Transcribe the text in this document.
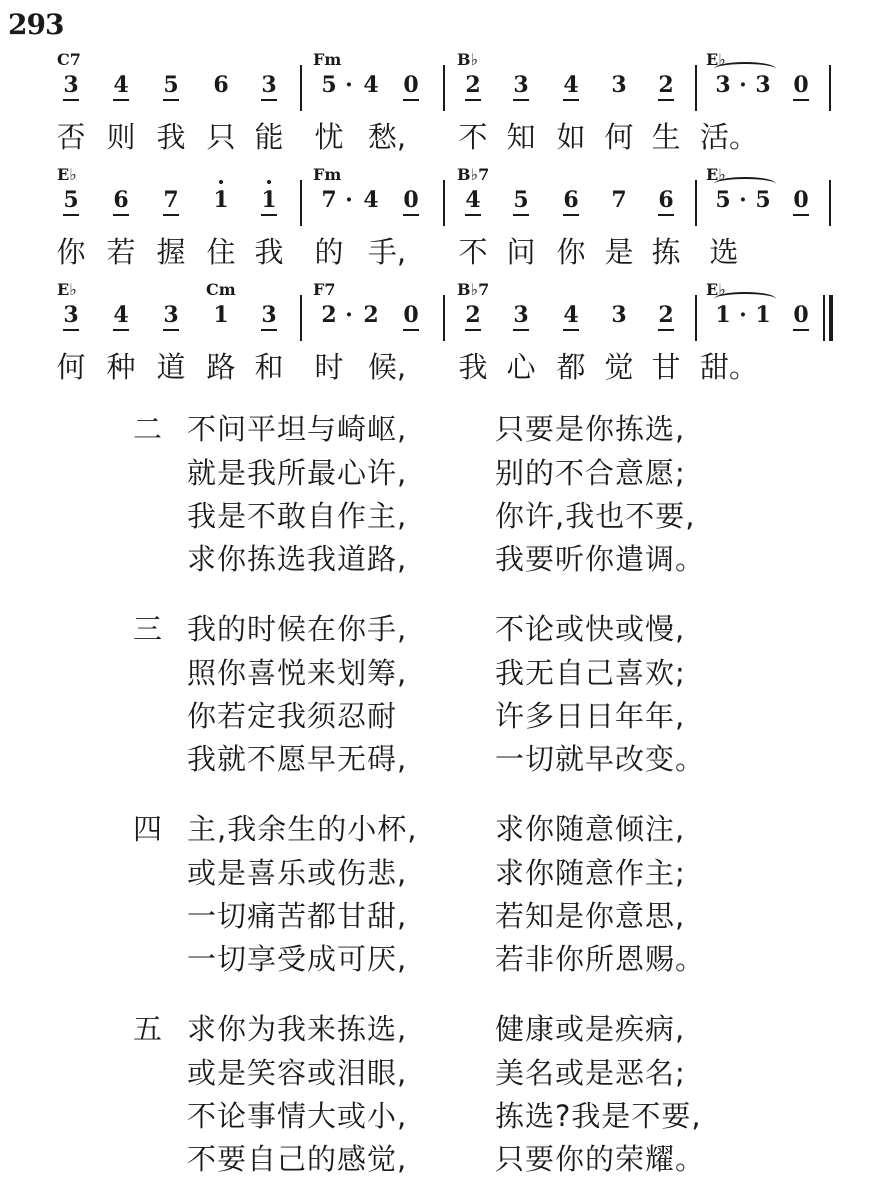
293
C7	Fm	B♭	E♭
3 4 5 6 3 5 · 4 0 2 3 4 3 2 3 · 3 0
否 则 我 只 能	忧 愁,	不 知 如 何 生 活。
E♭	Fm	B♭7	E♭
5 6 7 1 1 7 · 4 0 4 5 6 7 6 5 · 5 0
你 若 握 住 我	的 手,	不 问 你 是 拣 选
E♭	Cm	F7	B♭7	E♭
3 4 3 1 3 2 · 2 0 2 3 4 3 2 1 · 1 0
何 种 道 路 和	时 候,	我 心 都 觉 甘 甜。
二 不问平坦与崎岖,	只要是你拣选,
就是我所最心许,	别的不合意愿;
我是不敢自作主,	你许,我也不要,
求你拣选我道路,	我要听你遣调。
三 我的时候在你手,	不论或快或慢,
照你喜悦来划筹,	我无自己喜欢;
你若定我须忍耐	许多日日年年,
我就不愿早无碍,	一切就早改变。
四 主,我余生的小杯,	求你随意倾注,
或是喜乐或伤悲,	求你随意作主;
一切痛苦都甘甜,	若知是你意思,
一切享受成可厌,	若非你所恩赐。
五 求你为我来拣选,	健康或是疾病,
或是笑容或泪眼,	美名或是恶名;
不论事情大或小,	拣选?我是不要,
不要自己的感觉,	只要你的荣耀。
